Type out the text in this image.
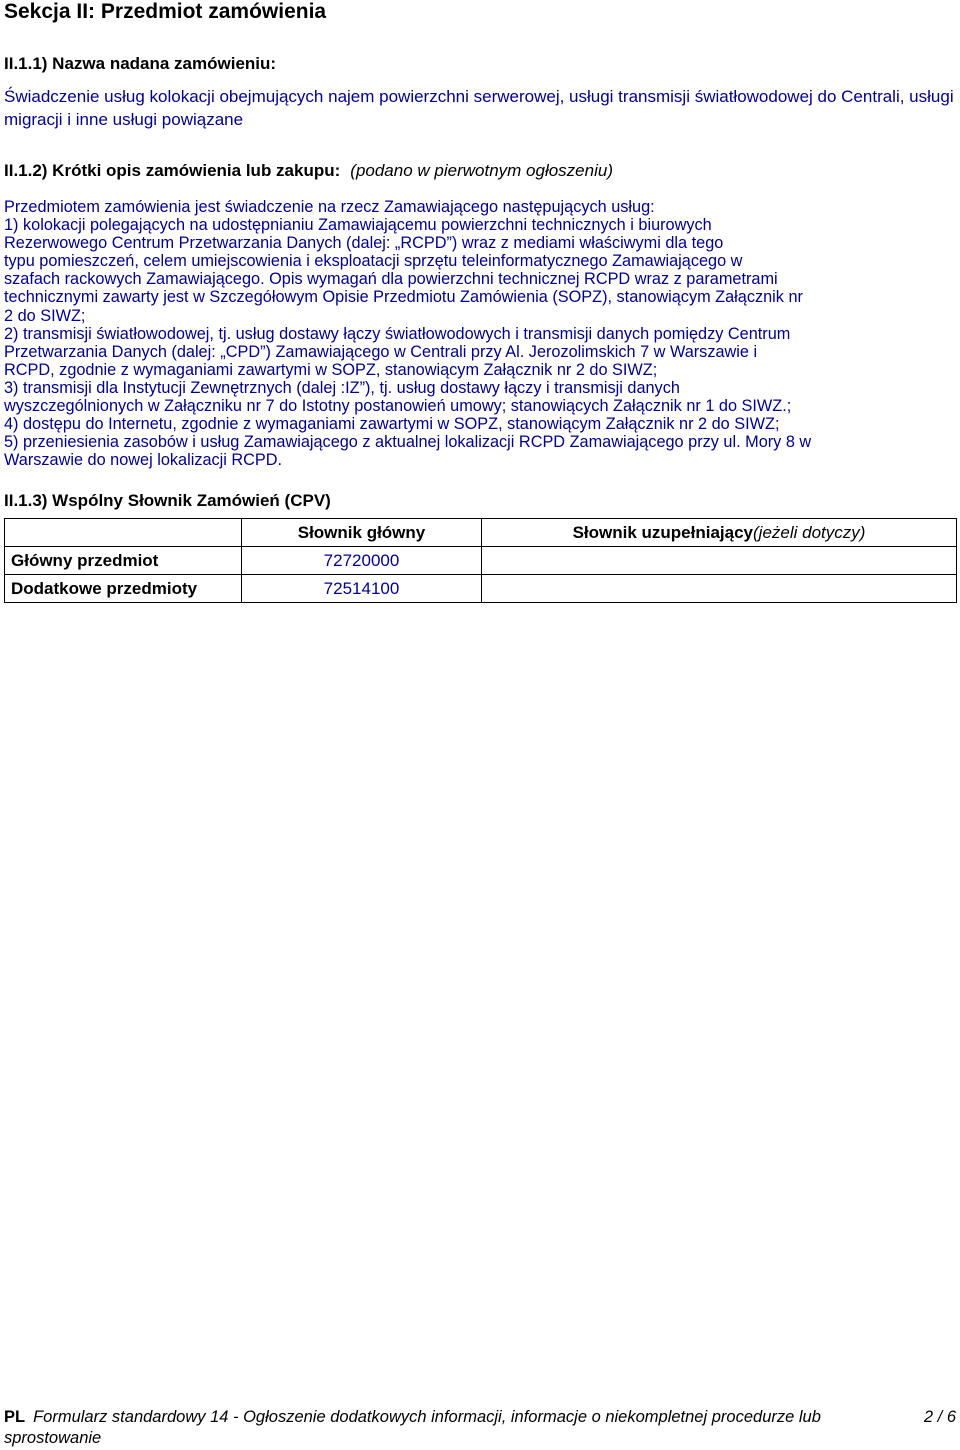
Sekcja II: Przedmiot zamówienia
II.1.1) Nazwa nadana zamówieniu:
Świadczenie usług kolokacji obejmujących najem powierzchni serwerowej, usługi transmisji światłowodowej do Centrali, usługi migracji i inne usługi powiązane
II.1.2) Krótki opis zamówienia lub zakupu: (podano w pierwotnym ogłoszeniu)
Przedmiotem zamówienia jest świadczenie na rzecz Zamawiającego następujących usług:
1) kolokacji polegających na udostępnianiu Zamawiającemu powierzchni technicznych i biurowych
Rezerwowego Centrum Przetwarzania Danych (dalej: „RCPD”) wraz z mediami właściwymi dla tego
typu pomieszczeń, celem umiejscowienia i eksploatacji sprzętu teleinformatycznego Zamawiającego w
szafach rackowych Zamawiającego. Opis wymagań dla powierzchni technicznej RCPD wraz z parametrami
technicznymi zawarty jest w Szczegółowym Opisie Przedmiotu Zamówienia (SOPZ), stanowiącym Załącznik nr
2 do SIWZ;
2) transmisji światłowodowej, tj. usług dostawy łączy światłowodowych i transmisji danych pomiędzy Centrum
Przetwarzania Danych (dalej: „CPD”) Zamawiającego w Centrali przy Al. Jerozolimskich 7 w Warszawie i
RCPD, zgodnie z wymaganiami zawartymi w SOPZ, stanowiącym Załącznik nr 2 do SIWZ;
3) transmisji dla Instytucji Zewnętrznych (dalej :IZ”), tj. usług dostawy łączy i transmisji danych
wyszczególnionych w Załączniku nr 7 do Istotny postanowień umowy; stanowiących Załącznik nr 1 do SIWZ.;
4) dostępu do Internetu, zgodnie z wymaganiami zawartymi w SOPZ, stanowiącym Załącznik nr 2 do SIWZ;
5) przeniesienia zasobów i usług Zamawiającego z aktualnej lokalizacji RCPD Zamawiającego przy ul. Mory 8 w
Warszawie do nowej lokalizacji RCPD.
II.1.3) Wspólny Słownik Zamówień (CPV)
	Słownik główny	Słownik uzupełniający(jeżeli dotyczy)
Główny przedmiot	72720000	
Dodatkowe przedmioty	72514100	
PL Formularz standardowy 14 - Ogłoszenie dodatkowych informacji, informacje o niekompletnej procedurze lub
sprostowanie
2 / 6
